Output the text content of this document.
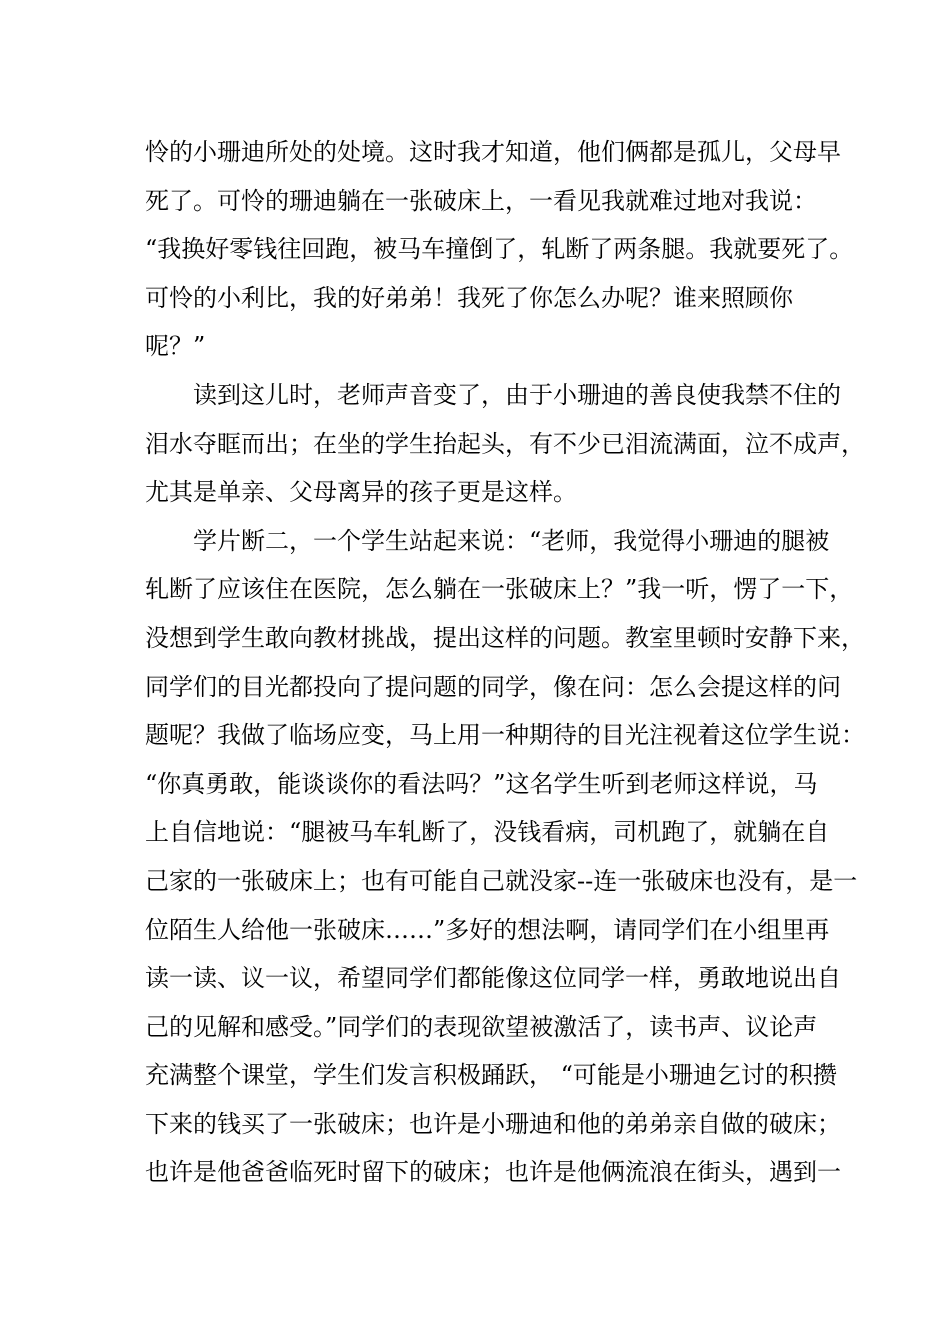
怜的小珊迪所处的处境。这时我才知道，他们俩都是孤儿，父母早
死了。可怜的珊迪躺在一张破床上，一看见我就难过地对我说：
“我换好零钱往回跑，被马车撞倒了，轧断了两条腿。我就要死了。
可怜的小利比，我的好弟弟！我死了你怎么办呢？谁来照顾你
呢？”
读到这儿时，老师声音变了，由于小珊迪的善良使我禁不住的
泪水夺眶而出；在坐的学生抬起头，有不少已泪流满面，泣不成声，
尤其是单亲、父母离异的孩子更是这样。
学片断二，一个学生站起来说：“老师，我觉得小珊迪的腿被
轧断了应该住在医院，怎么躺在一张破床上？”我一听，愣了一下，
没想到学生敢向教材挑战，提出这样的问题。教室里顿时安静下来，
同学们的目光都投向了提问题的同学，像在问：怎么会提这样的问
题呢？我做了临场应变，马上用一种期待的目光注视着这位学生说：
“你真勇敢，能谈谈你的看法吗？”这名学生听到老师这样说，马
上自信地说：“腿被马车轧断了，没钱看病，司机跑了，就躺在自
己家的一张破床上；也有可能自己就没家--连一张破床也没有，是一
位陌生人给他一张破床……”多好的想法啊，请同学们在小组里再
读一读、议一议，希望同学们都能像这位同学一样，勇敢地说出自
己的见解和感受。”同学们的表现欲望被激活了，读书声、议论声
充满整个课堂，学生们发言积极踊跃， “可能是小珊迪乞讨的积攒
下来的钱买了一张破床；也许是小珊迪和他的弟弟亲自做的破床；
也许是他爸爸临死时留下的破床；也许是他俩流浪在街头，遇到一
